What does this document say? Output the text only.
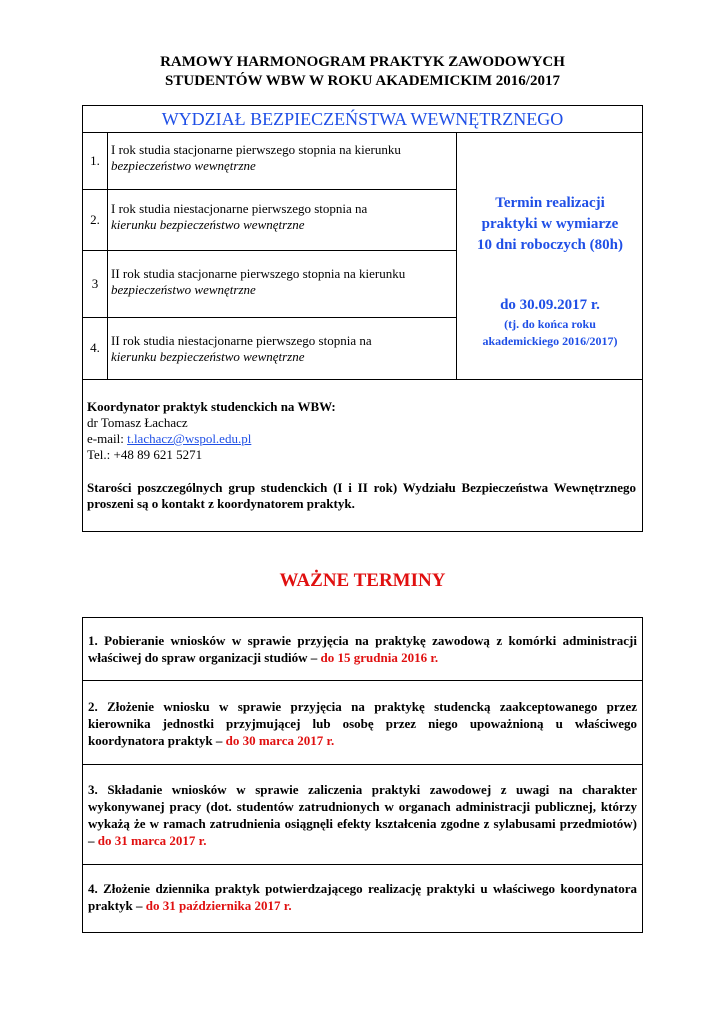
RAMOWY HARMONOGRAM PRAKTYK ZAWODOWYCH
STUDENTÓW WBW W ROKU AKADEMICKIM 2016/2017
WYDZIAŁ BEZPIECZEŃSTWA WEWNĘTRZNEGO
1.
I rok studia stacjonarne pierwszego stopnia na kierunku
bezpieczeństwo wewnętrzne
2.
I rok studia niestacjonarne pierwszego stopnia na
kierunku bezpieczeństwo wewnętrzne
3
II rok studia stacjonarne pierwszego stopnia na kierunku
bezpieczeństwo wewnętrzne
4. II rok studia niestacjonarne pierwszego stopnia na
kierunku bezpieczeństwo wewnętrzne
Termin realizacji
praktyki w wymiarze
10 dni roboczych (80h)
do 30.09.2017 r.
(tj. do końca roku
akademickiego 2016/2017)
Koordynator praktyk studenckich na WBW:
dr Tomasz Łachacz
e-mail: t.lachacz@wspol.edu.pl
Tel.: +48 89 621 5271
Starości poszczególnych grup studenckich (I i II rok) Wydziału Bezpieczeństwa Wewnętrznego proszeni są o kontakt z koordynatorem praktyk.
WAŻNE TERMINY
1. Pobieranie wniosków w sprawie przyjęcia na praktykę zawodową z komórki administracji właściwej do spraw organizacji studiów – do 15 grudnia 2016 r.
2. Złożenie wniosku w sprawie przyjęcia na praktykę studencką zaakceptowanego przez kierownika jednostki przyjmującej lub osobę przez niego upoważnioną u właściwego koordynatora praktyk – do 30 marca 2017 r.
3. Składanie wniosków w sprawie zaliczenia praktyki zawodowej z uwagi na charakter wykonywanej pracy (dot. studentów zatrudnionych w organach administracji publicznej, którzy wykażą że w ramach zatrudnienia osiągnęli efekty kształcenia zgodne z sylabusami przedmiotów) – do 31 marca 2017 r.
4. Złożenie dziennika praktyk potwierdzającego realizację praktyki u właściwego koordynatora praktyk – do 31 października 2017 r.
